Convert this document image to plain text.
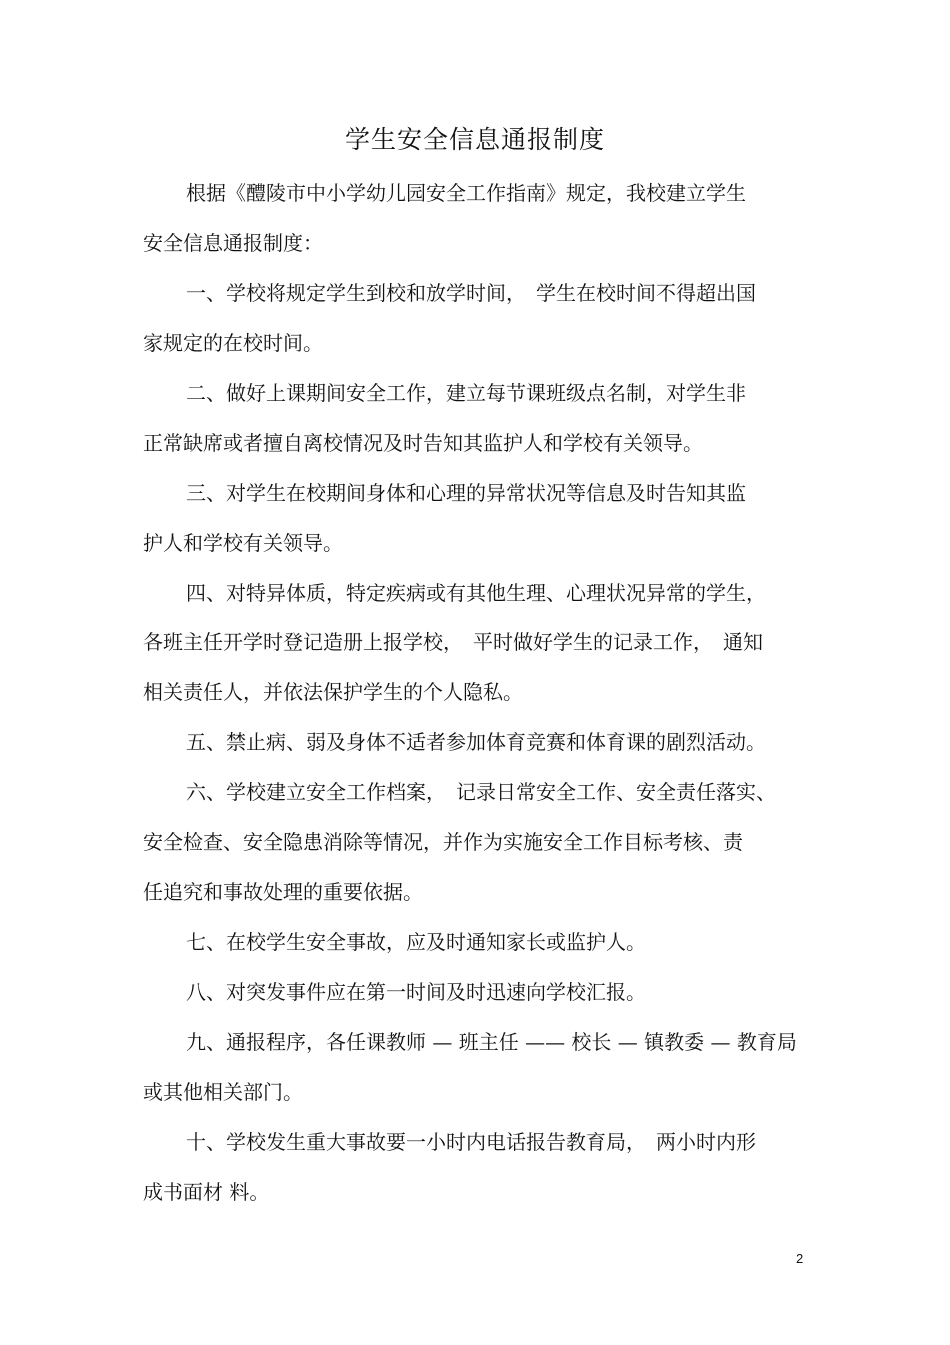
学生安全信息通报制度

根据《醴陵市中小学幼儿园安全工作指南》规定，我校建立学生

安全信息通报制度：

一、学校将规定学生到校和放学时间，　学生在校时间不得超出国

家规定的在校时间。

二、做好上课期间安全工作，建立每节课班级点名制，对学生非

正常缺席或者擅自离校情况及时告知其监护人和学校有关领导。

三、对学生在校期间身体和心理的异常状况等信息及时告知其监

护人和学校有关领导。

四、对特异体质，特定疾病或有其他生理、心理状况异常的学生，

各班主任开学时登记造册上报学校，　平时做好学生的记录工作，　通知

相关责任人，并依法保护学生的个人隐私。

五、禁止病、弱及身体不适者参加体育竞赛和体育课的剧烈活动。

六、学校建立安全工作档案，　记录日常安全工作、安全责任落实、

安全检查、安全隐患消除等情况，并作为实施安全工作目标考核、责

任追究和事故处理的重要依据。

七、在校学生安全事故，应及时通知家长或监护人。

八、对突发事件应在第一时间及时迅速向学校汇报。

九、通报程序，各任课教师 — 班主任 —— 校长 — 镇教委 — 教育局

或其他相关部门。

十、学校发生重大事故要一小时内电话报告教育局，　两小时内形

成书面材 料。

2
